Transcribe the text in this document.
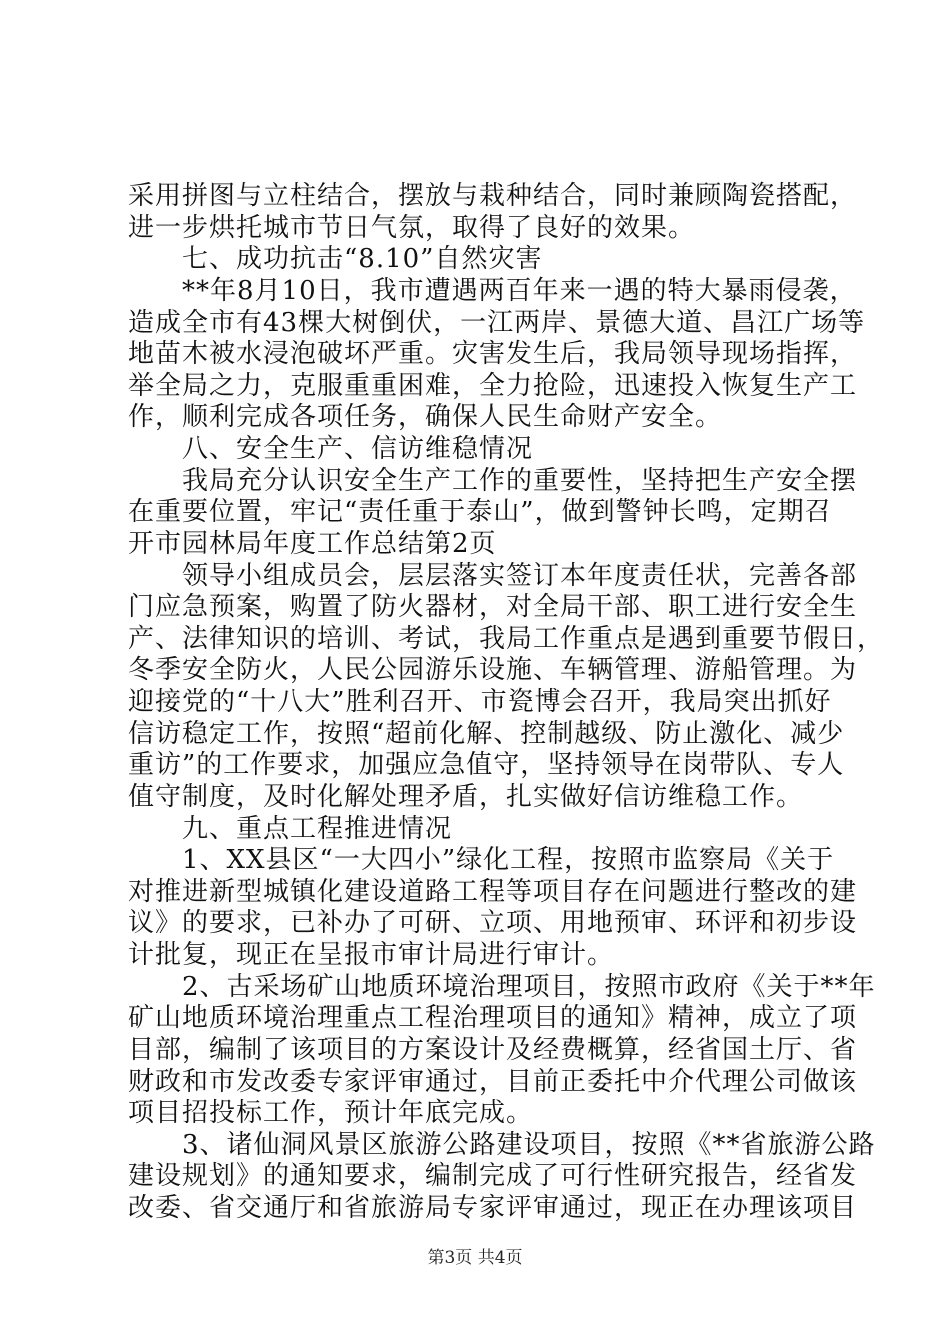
采用拼图与立柱结合，摆放与栽种结合，同时兼顾陶瓷搭配，
进一步烘托城市节日气氛，取得了良好的效果。
　　七、成功抗击“8.10”自然灾害
　　**年8月10日，我市遭遇两百年来一遇的特大暴雨侵袭，
造成全市有43棵大树倒伏，一江两岸、景德大道、昌江广场等
地苗木被水浸泡破坏严重。灾害发生后，我局领导现场指挥，
举全局之力，克服重重困难，全力抢险，迅速投入恢复生产工
作，顺利完成各项任务，确保人民生命财产安全。
　　八、安全生产、信访维稳情况
　　我局充分认识安全生产工作的重要性，坚持把生产安全摆
在重要位置，牢记“责任重于泰山”，做到警钟长鸣，定期召
开市园林局年度工作总结第2页
　　领导小组成员会，层层落实签订本年度责任状，完善各部
门应急预案，购置了防火器材，对全局干部、职工进行安全生
产、法律知识的培训、考试，我局工作重点是遇到重要节假日，
冬季安全防火，人民公园游乐设施、车辆管理、游船管理。为
迎接党的“十八大”胜利召开、市瓷博会召开，我局突出抓好
信访稳定工作，按照“超前化解、控制越级、防止激化、减少
重访”的工作要求，加强应急值守，坚持领导在岗带队、专人
值守制度，及时化解处理矛盾，扎实做好信访维稳工作。
　　九、重点工程推进情况
　　1、XX县区“一大四小”绿化工程，按照市监察局《关于
对推进新型城镇化建设道路工程等项目存在问题进行整改的建
议》的要求，已补办了可研、立项、用地预审、环评和初步设
计批复，现正在呈报市审计局进行审计。
　　2、古采场矿山地质环境治理项目，按照市政府《关于**年
矿山地质环境治理重点工程治理项目的通知》精神，成立了项
目部，编制了该项目的方案设计及经费概算，经省国土厅、省
财政和市发改委专家评审通过，目前正委托中介代理公司做该
项目招投标工作，预计年底完成。
　　3、诸仙洞风景区旅游公路建设项目，按照《**省旅游公路
建设规划》的通知要求，编制完成了可行性研究报告，经省发
改委、省交通厅和省旅游局专家评审通过，现正在办理该项目
第3页 共4页
